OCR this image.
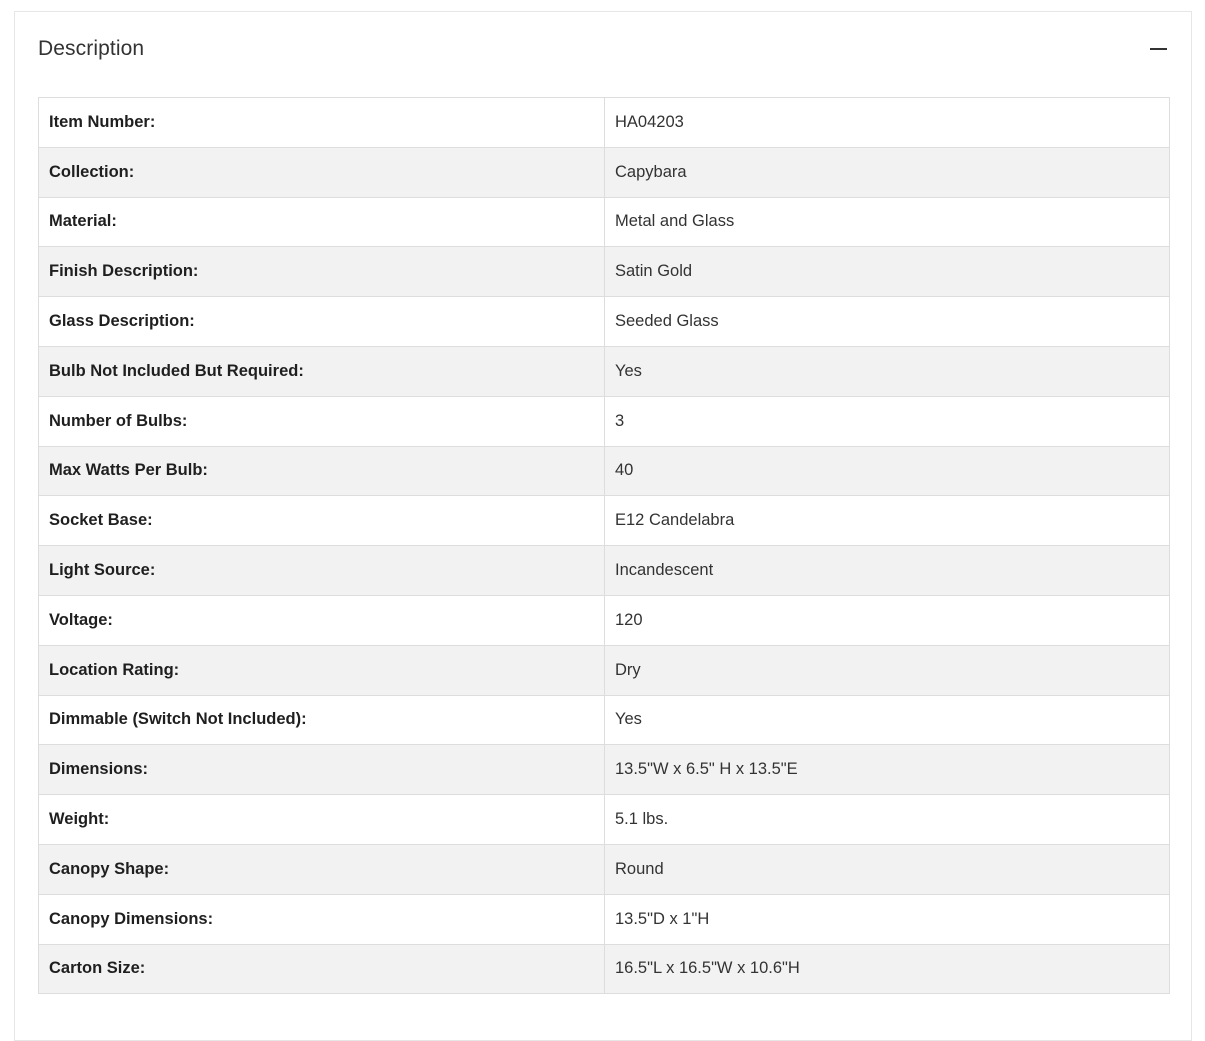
Description
Item Number:	HA04203
Collection:	Capybara
Material:	Metal and Glass
Finish Description:	Satin Gold
Glass Description:	Seeded Glass
Bulb Not Included But Required:	Yes
Number of Bulbs:	3
Max Watts Per Bulb:	40
Socket Base:	E12 Candelabra
Light Source:	Incandescent
Voltage:	120
Location Rating:	Dry
Dimmable (Switch Not Included):	Yes
Dimensions:	13.5"W x 6.5" H x 13.5"E
Weight:	5.1 lbs.
Canopy Shape:	Round
Canopy Dimensions:	13.5"D x 1"H
Carton Size:	16.5"L x 16.5"W x 10.6"H
